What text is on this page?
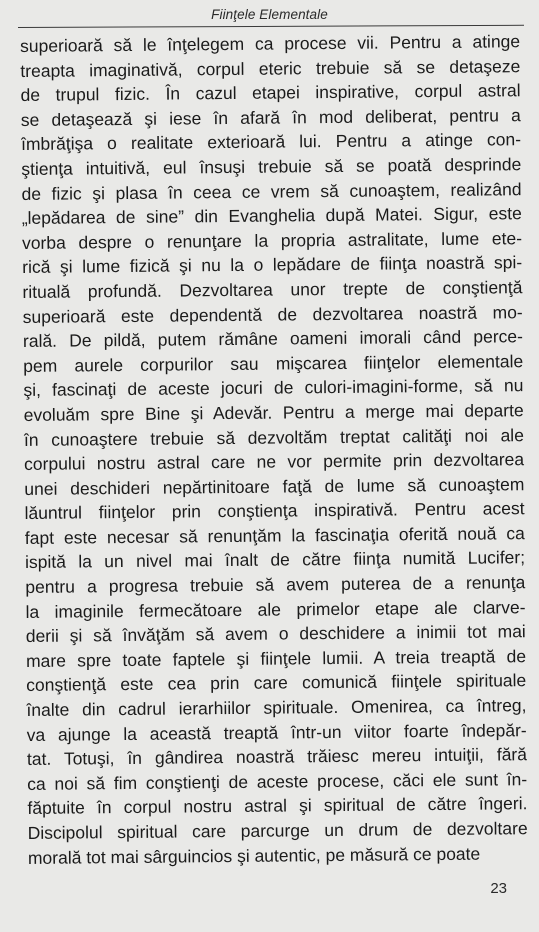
Fiinţele Elementale
superioară să le înţelegem ca procese vii. Pentru a atinge
treapta imaginativă, corpul eteric trebuie să se detaşeze
de trupul fizic. În cazul etapei inspirative, corpul astral
se detaşează şi iese în afară în mod deliberat, pentru a
îmbrăţişa o realitate exterioară lui. Pentru a atinge con-
ştienţa intuitivă, eul însuşi trebuie să se poată desprinde
de fizic şi plasa în ceea ce vrem să cunoaştem, realizând
„lepădarea de sine” din Evanghelia după Matei. Sigur, este
vorba despre o renunţare la propria astralitate, lume ete-
rică şi lume fizică şi nu la o lepădare de fiinţa noastră spi-
rituală profundă. Dezvoltarea unor trepte de conştienţă
superioară este dependentă de dezvoltarea noastră mo-
rală. De pildă, putem rămâne oameni imorali când perce-
pem aurele corpurilor sau mişcarea fiinţelor elementale
şi, fascinaţi de aceste jocuri de culori-imagini-forme, să nu
evoluăm spre Bine şi Adevăr. Pentru a merge mai departe
în cunoaştere trebuie să dezvoltăm treptat calităţi noi ale
corpului nostru astral care ne vor permite prin dezvoltarea
unei deschideri nepărtinitoare faţă de lume să cunoaştem
lăuntrul fiinţelor prin conştienţa inspirativă. Pentru acest
fapt este necesar să renunţăm la fascinaţia oferită nouă ca
ispită la un nivel mai înalt de către fiinţa numită Lucifer;
pentru a progresa trebuie să avem puterea de a renunţa
la imaginile fermecătoare ale primelor etape ale clarve-
derii şi să învăţăm să avem o deschidere a inimii tot mai
mare spre toate faptele şi fiinţele lumii. A treia treaptă de
conştienţă este cea prin care comunică fiinţele spirituale
înalte din cadrul ierarhiilor spirituale. Omenirea, ca întreg,
va ajunge la această treaptă într-un viitor foarte îndepăr-
tat. Totuşi, în gândirea noastră trăiesc mereu intuiţii, fără
ca noi să fim conştienţi de aceste procese, căci ele sunt în-
făptuite în corpul nostru astral şi spiritual de către îngeri.
Discipolul spiritual care parcurge un drum de dezvoltare
morală tot mai sârguincios şi autentic, pe măsură ce poate
23
